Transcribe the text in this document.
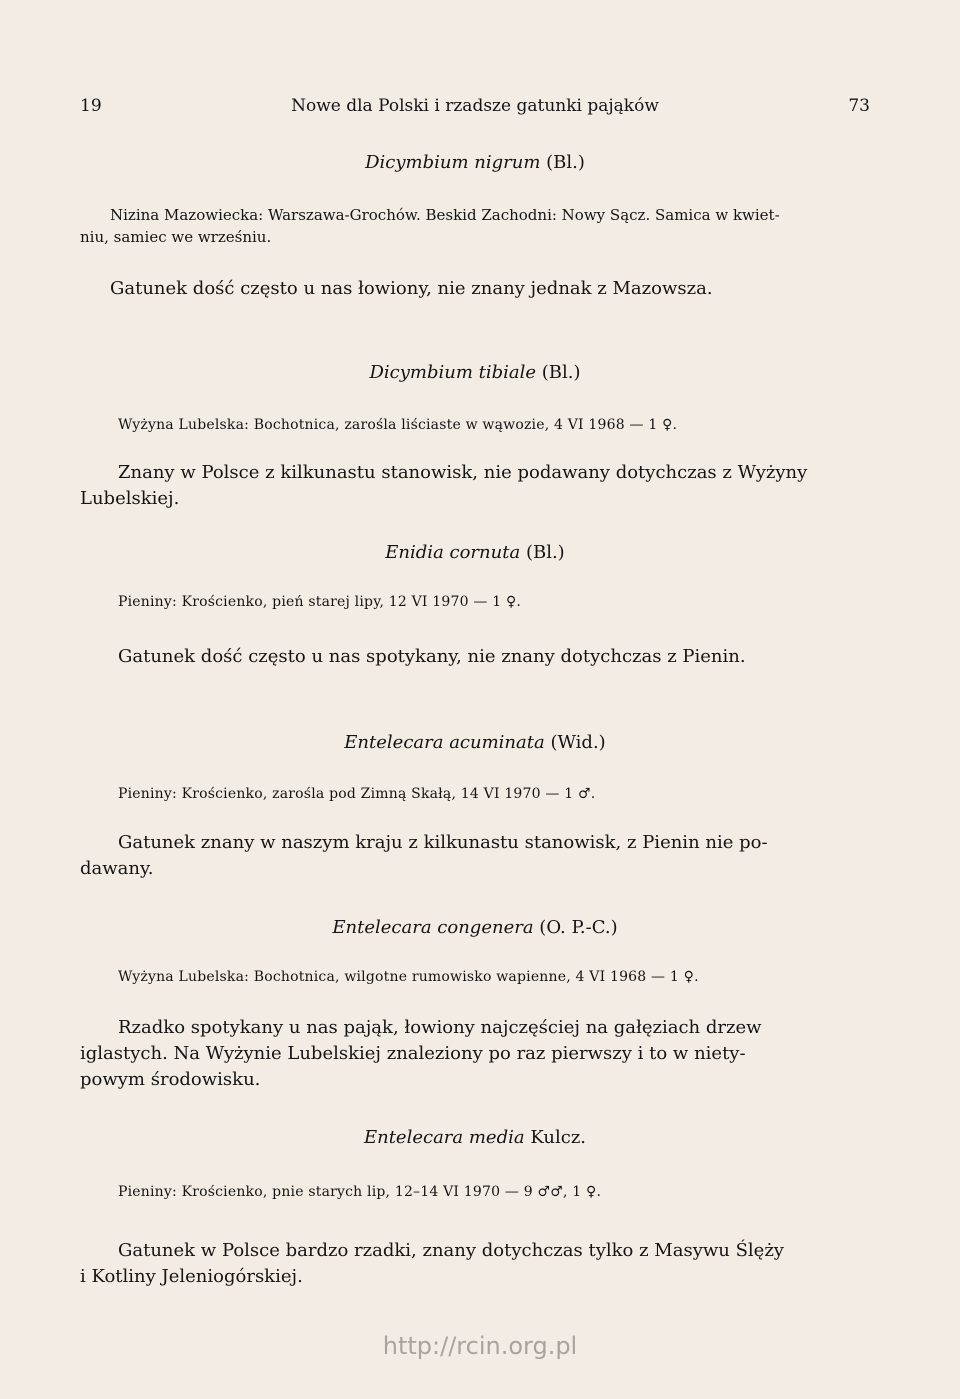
19	Nowe dla Polski i rzadsze gatunki pająków	73
Dicymbium nigrum (Bl.)
Nizina Mazowiecka: Warszawa-Grochów. Beskid Zachodni: Nowy Sącz. Samica w kwiet-
niu, samiec we wrześniu.
Gatunek dość często u nas łowiony, nie znany jednak z Mazowsza.
Dicymbium tibiale (Bl.)
Wyżyna Lubelska: Bochotnica, zarośla liściaste w wąwozie, 4 VI 1968 — 1 ♀.
Znany w Polsce z kilkunastu stanowisk, nie podawany dotychczas z Wyżyny
Lubelskiej.
Enidia cornuta (Bl.)
Pieniny: Krościenko, pień starej lipy, 12 VI 1970 — 1 ♀.
Gatunek dość często u nas spotykany, nie znany dotychczas z Pienin.
Entelecara acuminata (Wid.)
Pieniny: Krościenko, zarośla pod Zimną Skałą, 14 VI 1970 — 1 ♂.
Gatunek znany w naszym kraju z kilkunastu stanowisk, z Pienin nie po-
dawany.
Entelecara congenera (O. P.-C.)
Wyżyna Lubelska: Bochotnica, wilgotne rumowisko wapienne, 4 VI 1968 — 1 ♀.
Rzadko spotykany u nas pająk, łowiony najczęściej na gałęziach drzew
iglastych. Na Wyżynie Lubelskiej znaleziony po raz pierwszy i to w niety-
powym środowisku.
Entelecara media Kulcz.
Pieniny: Krościenko, pnie starych lip, 12–14 VI 1970 — 9 ♂♂, 1 ♀.
Gatunek w Polsce bardzo rzadki, znany dotychczas tylko z Masywu Ślęży
i Kotliny Jeleniogórskiej.
http://rcin.org.pl
